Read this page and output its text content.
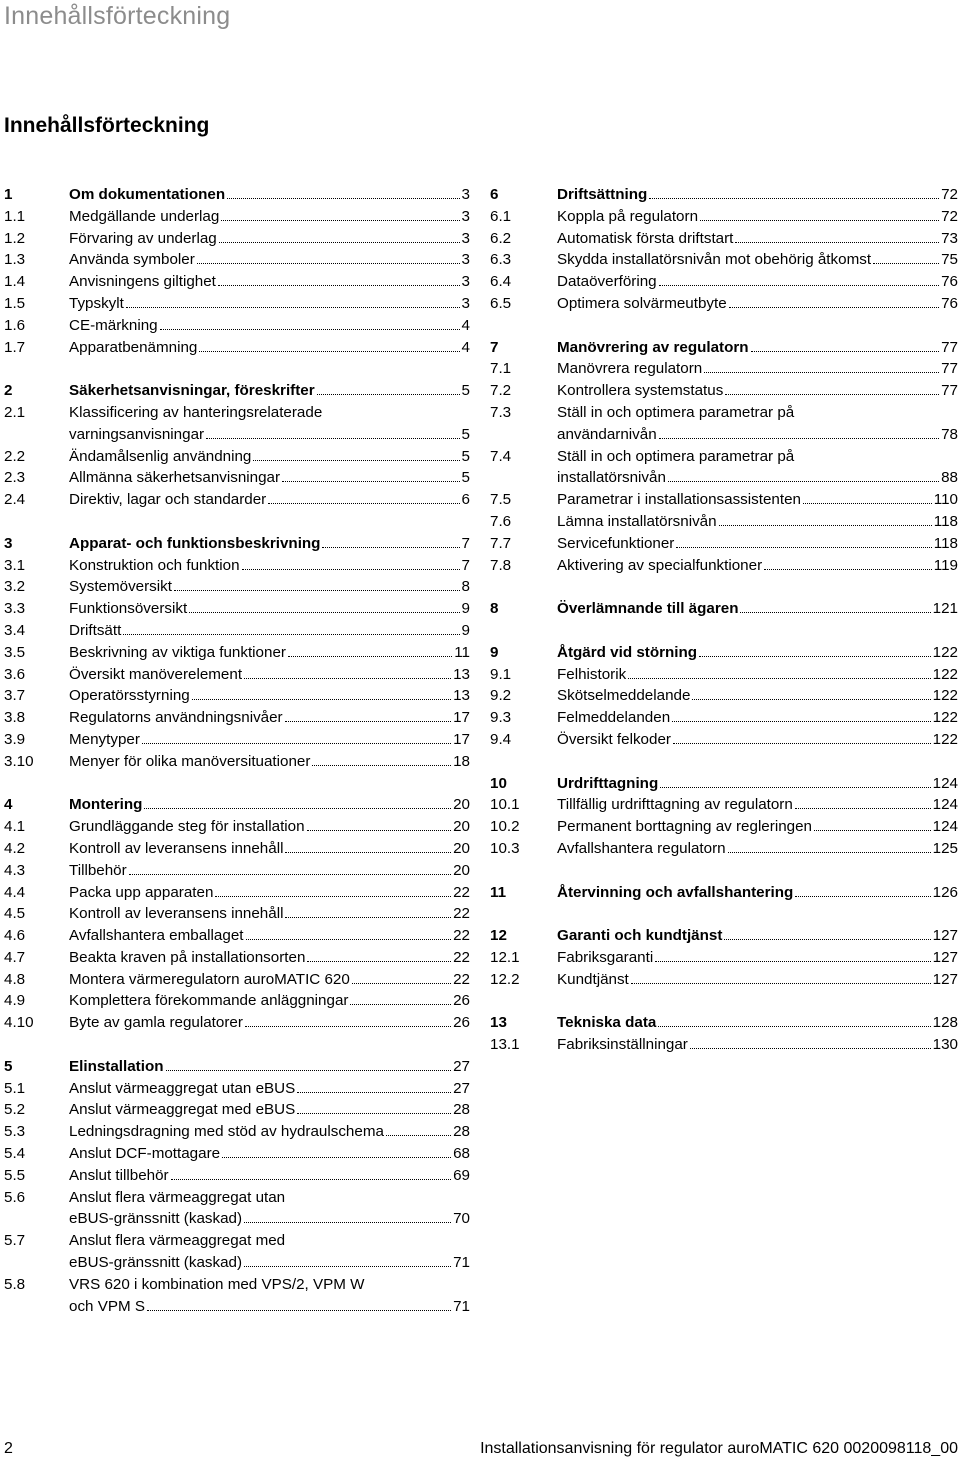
Innehållsförteckning
Innehållsförteckning
1	Om dokumentationen	3
1.1	Medgällande underlag	3
1.2	Förvaring av underlag	3
1.3	Använda symboler	3
1.4	Anvisningens giltighet	3
1.5	Typskylt	3
1.6	CE-märkning	4
1.7	Apparatbenämning	4
2	Säkerhetsanvisningar, föreskrifter	5
2.1	Klassificering av hanteringsrelaterade
varningsanvisningar	5
2.2	Ändamålsenlig användning	5
2.3	Allmänna säkerhetsanvisningar	5
2.4	Direktiv, lagar och standarder	6
3	Apparat- och funktionsbeskrivning	7
3.1	Konstruktion och funktion	7
3.2	Systemöversikt	8
3.3	Funktionsöversikt	9
3.4	Driftsätt	9
3.5	Beskrivning av viktiga funktioner	11
3.6	Översikt manöverelement	13
3.7	Operatörsstyrning	13
3.8	Regulatorns användningsnivåer	17
3.9	Menytyper	17
3.10	Menyer för olika manöversituationer	18
4	Montering	20
4.1	Grundläggande steg för installation	20
4.2	Kontroll av leveransens innehåll	20
4.3	Tillbehör	20
4.4	Packa upp apparaten	22
4.5	Kontroll av leveransens innehåll	22
4.6	Avfallshantera emballaget	22
4.7	Beakta kraven på installationsorten	22
4.8	Montera värmeregulatorn auroMATIC 620	22
4.9	Komplettera förekommande anläggningar	26
4.10	Byte av gamla regulatorer	26
5	Elinstallation	27
5.1	Anslut värmeaggregat utan eBUS	27
5.2	Anslut värmeaggregat med eBUS	28
5.3	Ledningsdragning med stöd av hydraulschema	28
5.4	Anslut DCF-mottagare	68
5.5	Anslut tillbehör	69
5.6	Anslut flera värmeaggregat utan
eBUS-gränssnitt (kaskad)	70
5.7	Anslut flera värmeaggregat med
eBUS-gränssnitt (kaskad)	71
5.8	VRS 620 i kombination med VPS/2, VPM W
och VPM S	71
6	Driftsättning	72
6.1	Koppla på regulatorn	72
6.2	Automatisk första driftstart	73
6.3	Skydda installatörsnivån mot obehörig åtkomst	75
6.4	Dataöverföring	76
6.5	Optimera solvärmeutbyte	76
7	Manövrering av regulatorn	77
7.1	Manövrera regulatorn	77
7.2	Kontrollera systemstatus	77
7.3	Ställ in och optimera parametrar på
användarnivån	78
7.4	Ställ in och optimera parametrar på
installatörsnivån	88
7.5	Parametrar i installationsassistenten	110
7.6	Lämna installatörsnivån	118
7.7	Servicefunktioner	118
7.8	Aktivering av specialfunktioner	119
8	Överlämnande till ägaren	121
9	Åtgärd vid störning	122
9.1	Felhistorik	122
9.2	Skötselmeddelande	122
9.3	Felmeddelanden	122
9.4	Översikt felkoder	122
10	Urdrifttagning	124
10.1	Tillfällig urdrifttagning av regulatorn	124
10.2	Permanent borttagning av regleringen	124
10.3	Avfallshantera regulatorn	125
11	Återvinning och avfallshantering	126
12	Garanti och kundtjänst	127
12.1	Fabriksgaranti	127
12.2	Kundtjänst	127
13	Tekniska data	128
13.1	Fabriksinställningar	130
2	Installationsanvisning för regulator auroMATIC 620 0020098118_00
